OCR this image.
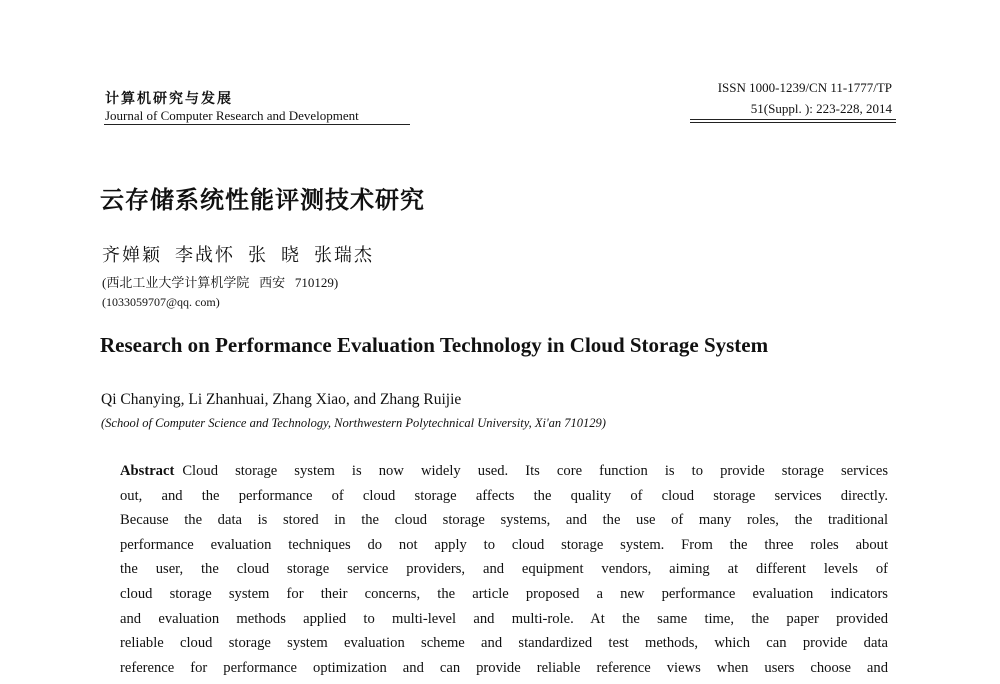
计算机研究与发展
Journal of Computer Research and Development
ISSN 1000-1239/CN 11-1777/TP
51(Suppl. ): 223-228, 2014
云存储系统性能评测技术研究
齐婵颖  李战怀  张  晓  张瑞杰
(西北工业大学计算机学院   西安   710129)
(1033059707@qq. com)
Research on Performance Evaluation Technology in Cloud Storage System
Qi Chanying, Li Zhanhuai, Zhang Xiao, and Zhang Ruijie
(School of Computer Science and Technology, Northwestern Polytechnical University, Xi'an 710129)
Abstract Cloud storage system is now widely used. Its core function is to provide storage services
out, and the performance of cloud storage affects the quality of cloud storage services directly.
Because the data is stored in the cloud storage systems, and the use of many roles, the traditional
performance evaluation techniques do not apply to cloud storage system. From the three roles about
the user, the cloud storage service providers, and equipment vendors, aiming at different levels of
cloud storage system for their concerns, the article proposed a new performance evaluation indicators
and evaluation methods applied to multi-level and multi-role. At the same time, the paper provided
reliable cloud storage system evaluation scheme and standardized test methods, which can provide data
reference for performance optimization and can provide reliable reference views when users choose and
